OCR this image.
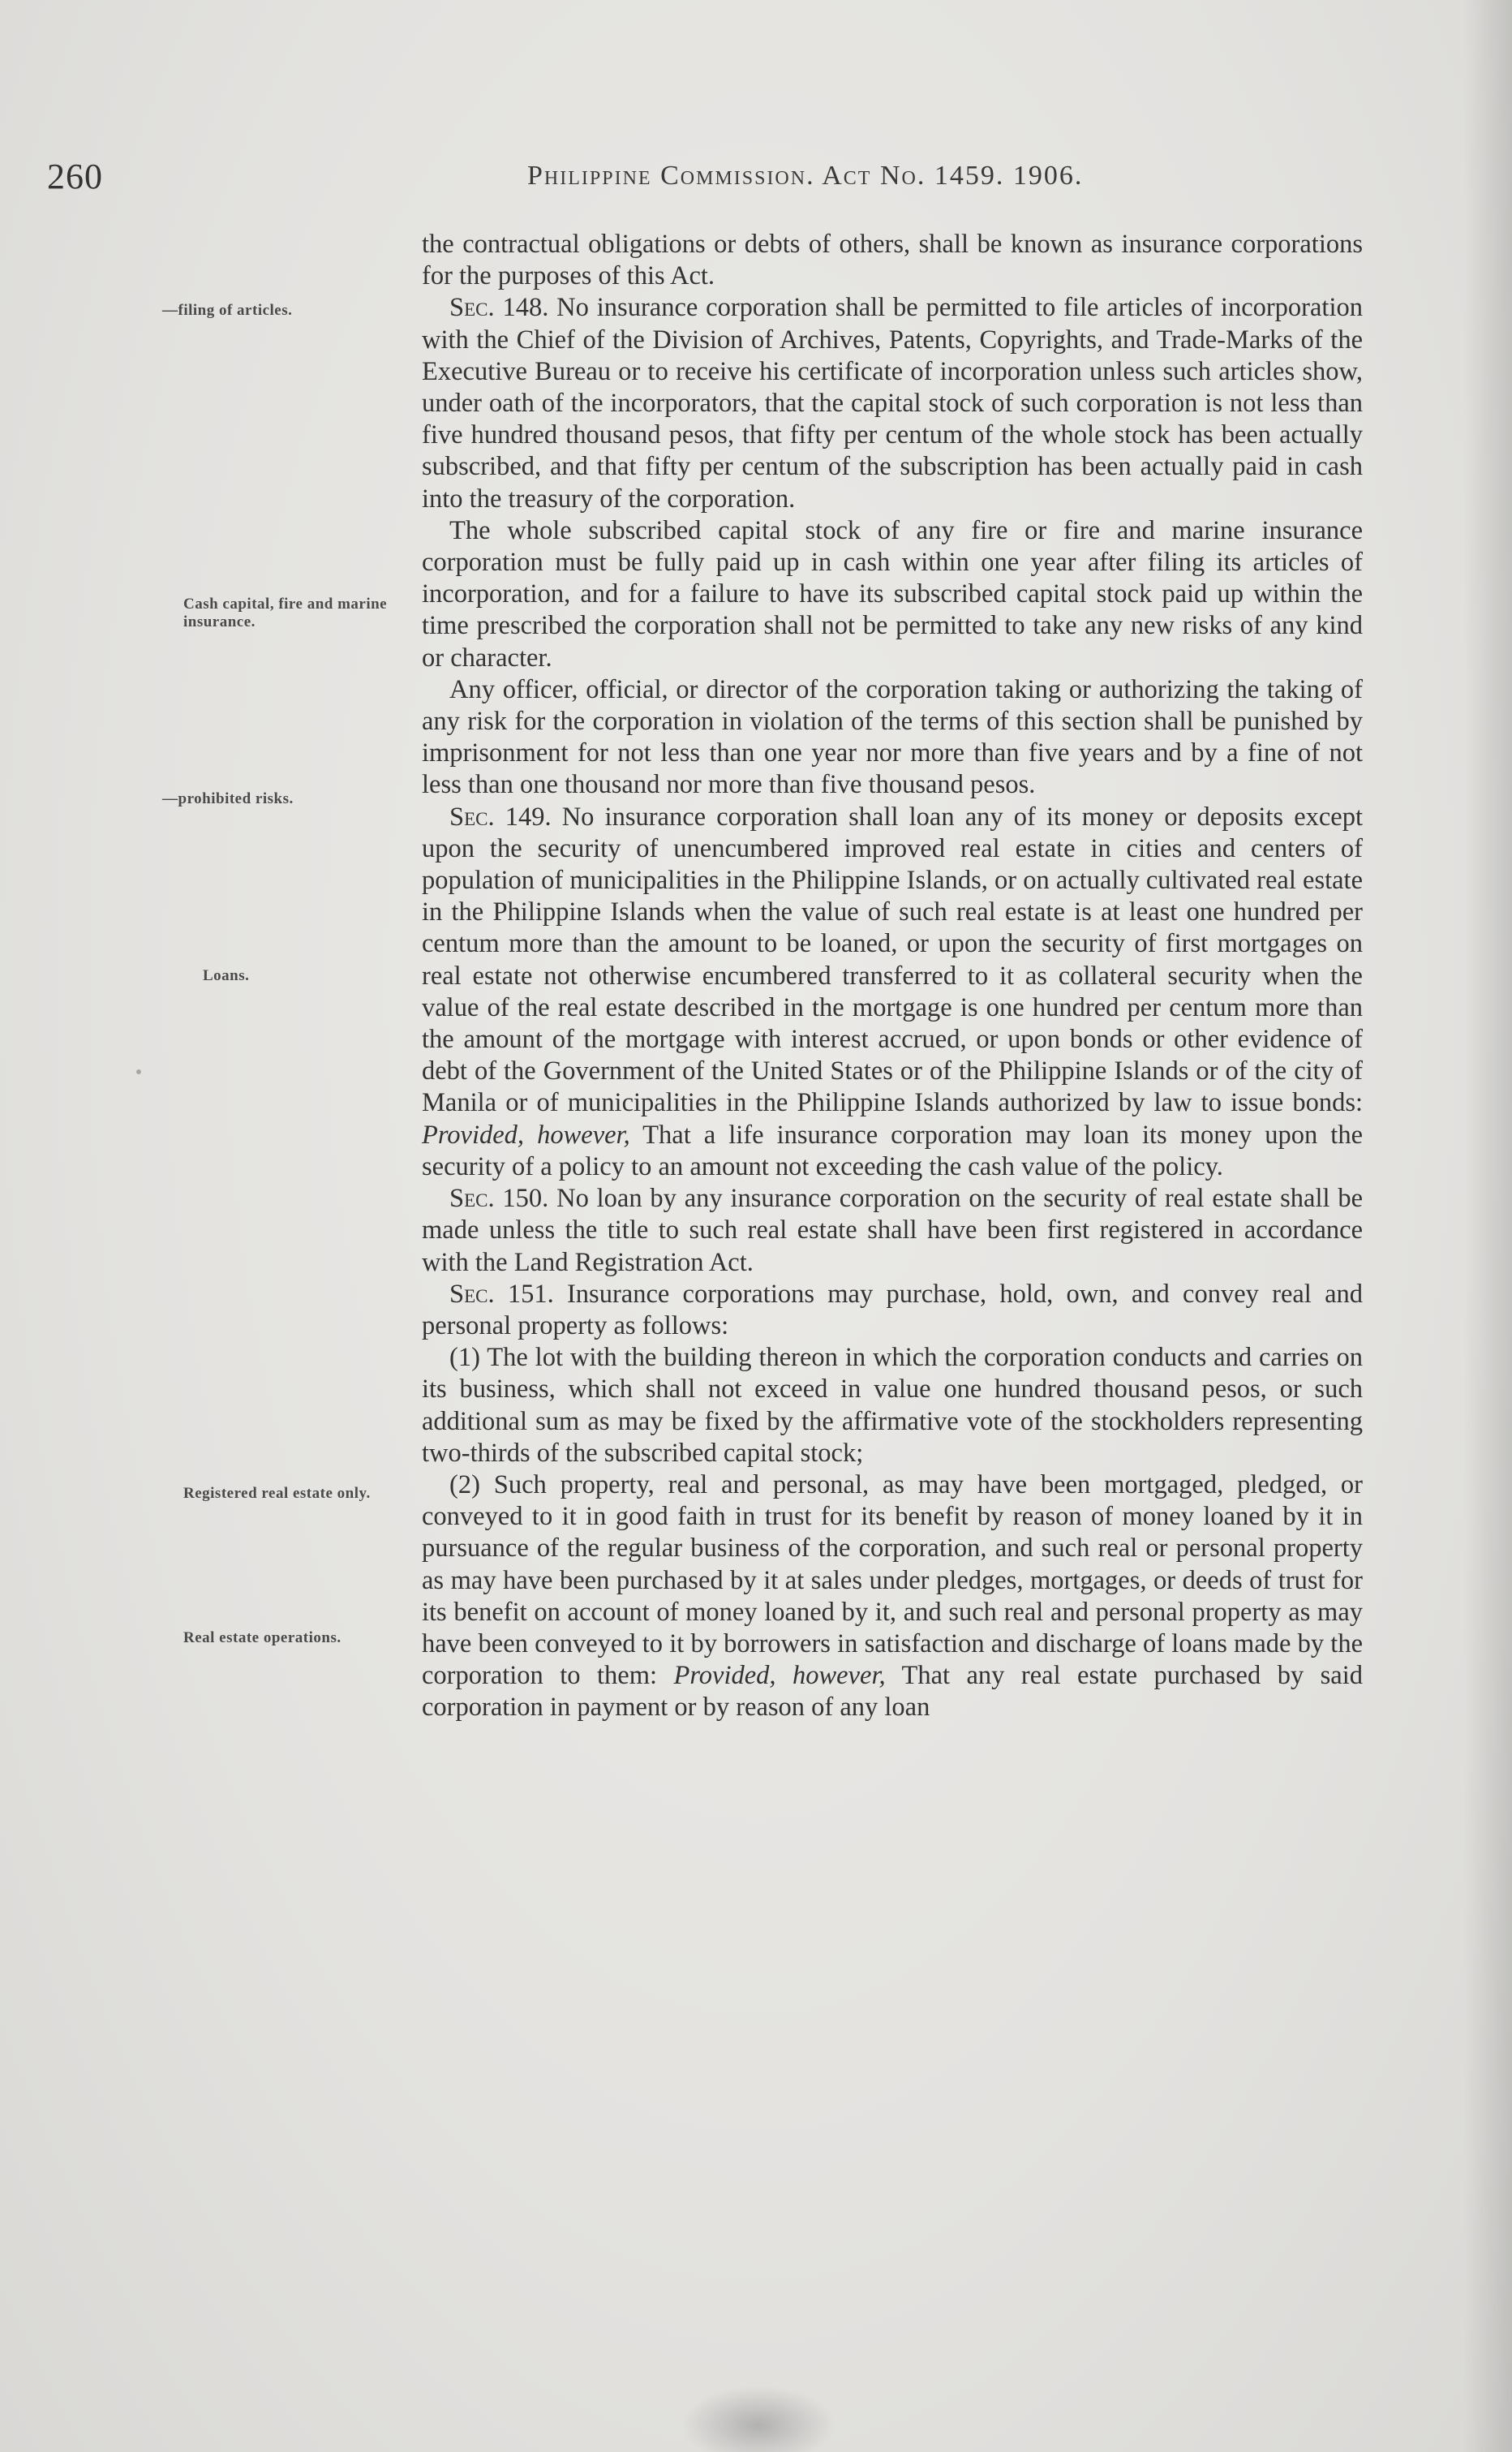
260	Philippine Commission. Act No. 1459. 1906.
—filing of articles.
Cash capital, fire and marine insurance.
—prohibited risks.
Loans.
Registered real estate only.
Real estate operations.

the contractual obligations or debts of others, shall be known as insurance corporations for the purposes of this Act.

Sec. 148. No insurance corporation shall be permitted to file articles of incorporation with the Chief of the Division of Archives, Patents, Copyrights, and Trade-Marks of the Executive Bureau or to receive his certificate of incorporation unless such articles show, under oath of the incorporators, that the capital stock of such corporation is not less than five hundred thousand pesos, that fifty per centum of the whole stock has been actually subscribed, and that fifty per centum of the subscription has been actually paid in cash into the treasury of the corporation.

The whole subscribed capital stock of any fire or fire and marine insurance corporation must be fully paid up in cash within one year after filing its articles of incorporation, and for a failure to have its subscribed capital stock paid up within the time prescribed the corporation shall not be permitted to take any new risks of any kind or character.

Any officer, official, or director of the corporation taking or authorizing the taking of any risk for the corporation in violation of the terms of this section shall be punished by imprisonment for not less than one year nor more than five years and by a fine of not less than one thousand nor more than five thousand pesos.

Sec. 149. No insurance corporation shall loan any of its money or deposits except upon the security of unencumbered improved real estate in cities and centers of population of municipalities in the Philippine Islands, or on actually cultivated real estate in the Philippine Islands when the value of such real estate is at least one hundred per centum more than the amount to be loaned, or upon the security of first mortgages on real estate not otherwise encumbered transferred to it as collateral security when the value of the real estate described in the mortgage is one hundred per centum more than the amount of the mortgage with interest accrued, or upon bonds or other evidence of debt of the Government of the United States or of the Philippine Islands or of the city of Manila or of municipalities in the Philippine Islands authorized by law to issue bonds: Provided, however, That a life insurance corporation may loan its money upon the security of a policy to an amount not exceeding the cash value of the policy.

Sec. 150. No loan by any insurance corporation on the security of real estate shall be made unless the title to such real estate shall have been first registered in accordance with the Land Registration Act.

Sec. 151. Insurance corporations may purchase, hold, own, and convey real and personal property as follows:

(1) The lot with the building thereon in which the corporation conducts and carries on its business, which shall not exceed in value one hundred thousand pesos, or such additional sum as may be fixed by the affirmative vote of the stockholders representing two-thirds of the subscribed capital stock;

(2) Such property, real and personal, as may have been mortgaged, pledged, or conveyed to it in good faith in trust for its benefit by reason of money loaned by it in pursuance of the regular business of the corporation, and such real or personal property as may have been purchased by it at sales under pledges, mortgages, or deeds of trust for its benefit on account of money loaned by it, and such real and personal property as may have been conveyed to it by borrowers in satisfaction and discharge of loans made by the corporation to them: Provided, however, That any real estate purchased by said corporation in payment or by reason of any loan
